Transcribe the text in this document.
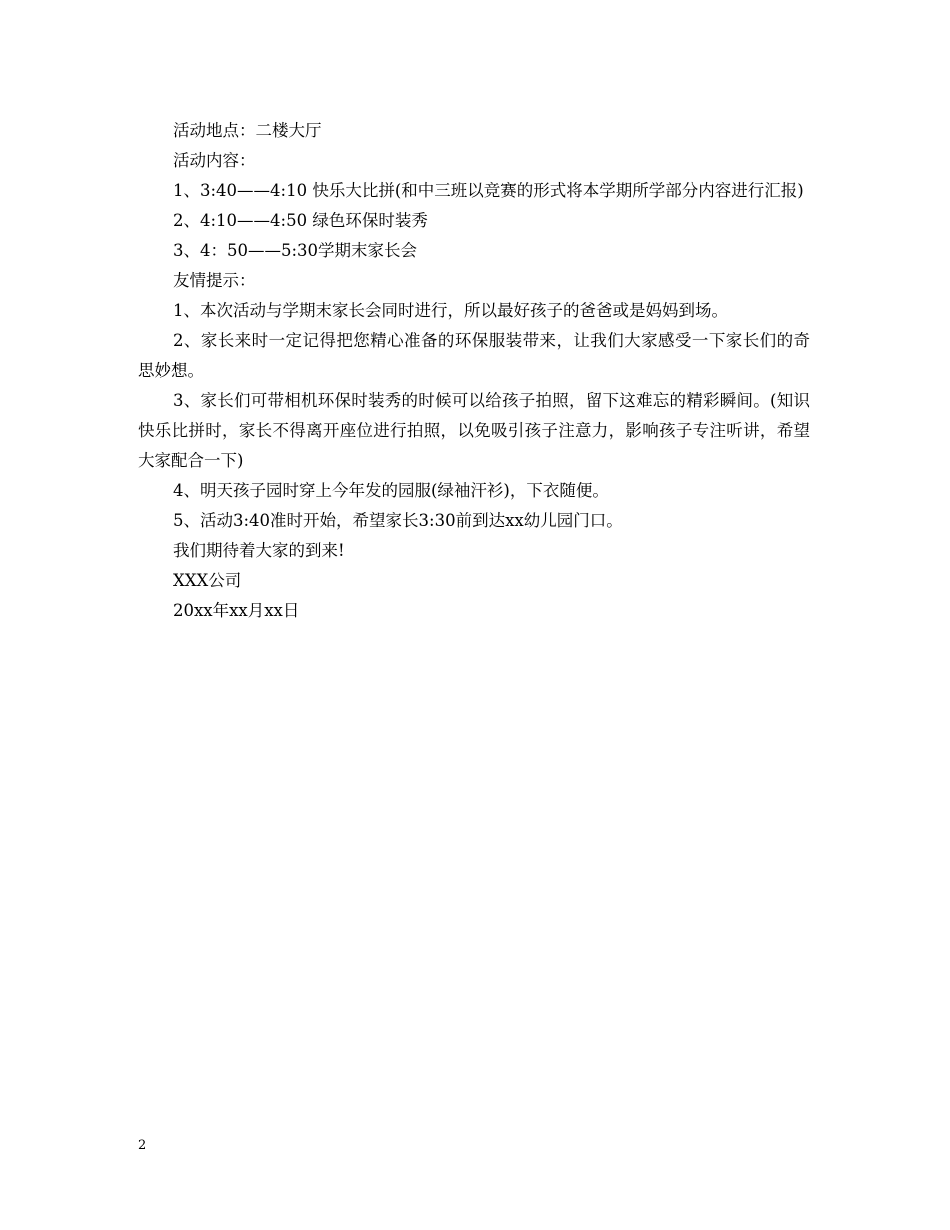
活动地点：二楼大厅

活动内容：

1、3:40——4:10 快乐大比拼(和中三班以竞赛的形式将本学期所学部分内容进行汇报)

2、4:10——4:50 绿色环保时装秀

3、4：50——5:30学期末家长会

友情提示：

1、本次活动与学期末家长会同时进行，所以最好孩子的爸爸或是妈妈到场。

2、家长来时一定记得把您精心准备的环保服装带来，让我们大家感受一下家长们的奇思妙想。

3、家长们可带相机环保时装秀的时候可以给孩子拍照，留下这难忘的精彩瞬间。(知识快乐比拼时，家长不得离开座位进行拍照，以免吸引孩子注意力，影响孩子专注听讲，希望大家配合一下)

4、明天孩子园时穿上今年发的园服(绿袖汗衫)，下衣随便。

5、活动3:40准时开始，希望家长3:30前到达xx幼儿园门口。

我们期待着大家的到来!

XXX公司

20xx年xx月xx日

2
